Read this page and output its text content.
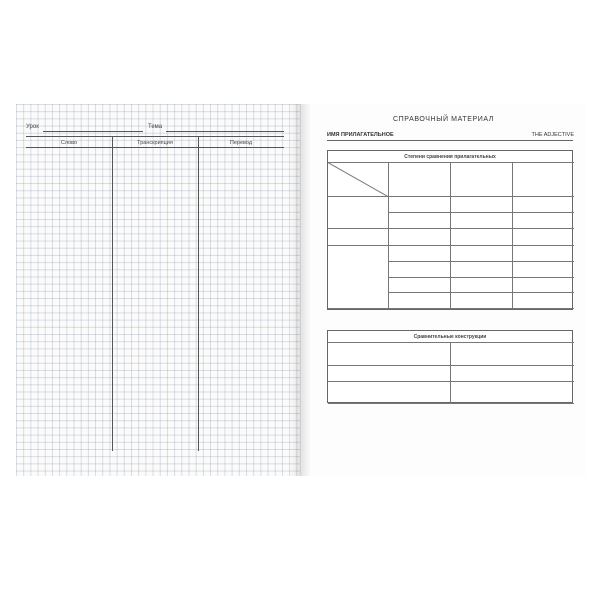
Урок	Тема
Слово	Транскрипция	Перевод
СПРАВОЧНЫЙ МАТЕРИАЛ
ИМЯ ПРИЛАГАТЕЛЬНОЕ	THE ADJECTIVE
Степени сравнения прилагательных
Сравнительные конструкции
